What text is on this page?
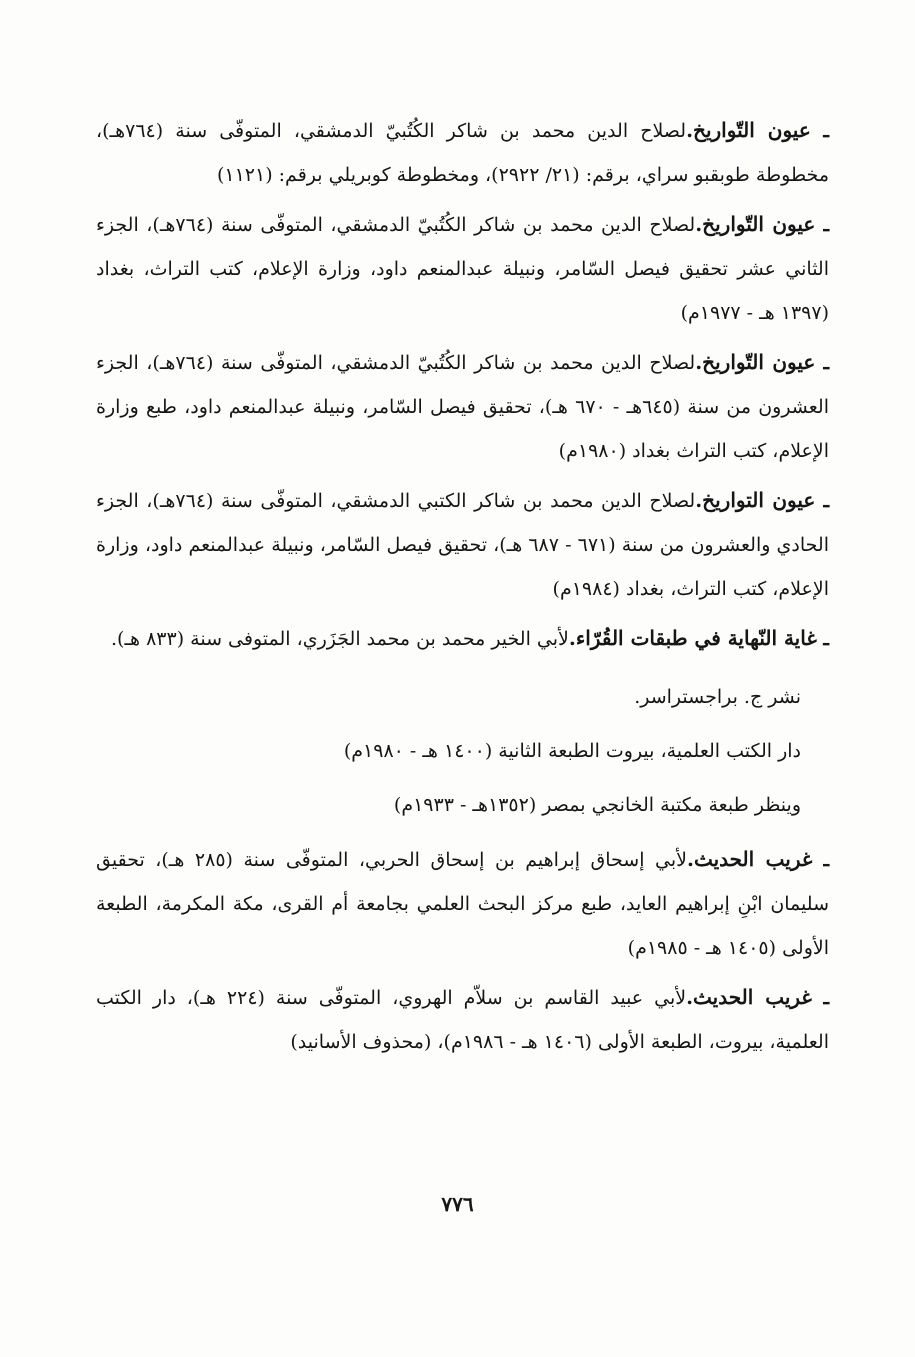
ـ عيون التّواريخ.لصلاح الدين محمد بن شاكر الكُتُبيّ الدمشقي، المتوفّى سنة (٧٦٤هـ)، مخطوطة طوبقبو سراي، برقم: (٢١/ ٢٩٢٢)، ومخطوطة كوبريلي برقم: (١١٢١)

ـ عيون التّواريخ.لصلاح الدين محمد بن شاكر الكُتُبيّ الدمشقي، المتوفّى سنة (٧٦٤هـ)، الجزء الثاني عشر تحقيق فيصل السّامر، ونبيلة عبدالمنعم داود، وزارة الإعلام، كتب التراث، بغداد (١٣٩٧ هـ - ١٩٧٧م)

ـ عيون التّواريخ.لصلاح الدين محمد بن شاكر الكُتُبيّ الدمشقي، المتوفّى سنة (٧٦٤هـ)، الجزء العشرون من سنة (٦٤٥هـ - ٦٧٠ هـ)، تحقيق فيصل السّامر، ونبيلة عبدالمنعم داود، طبع وزارة الإعلام، كتب التراث بغداد (١٩٨٠م)

ـ عيون التواريخ.لصلاح الدين محمد بن شاكر الكتبي الدمشقي، المتوفّى سنة (٧٦٤هـ)، الجزء الحادي والعشرون من سنة (٦٧١ - ٦٨٧ هـ)، تحقيق فيصل السّامر، ونبيلة عبدالمنعم داود، وزارة الإعلام، كتب التراث، بغداد (١٩٨٤م)

ـ غاية النّهاية في طبقات القُرّاء.لأبي الخير محمد بن محمد الجَزَري، المتوفى سنة (٨٣٣ هـ).

نشر ج. براجستراسر.

دار الكتب العلمية، بيروت الطبعة الثانية (١٤٠٠ هـ - ١٩٨٠م)

وينظر طبعة مكتبة الخانجي بمصر (١٣٥٢هـ - ١٩٣٣م)

ـ غريب الحديث.لأبي إسحاق إبراهيم بن إسحاق الحربي، المتوفّى سنة (٢٨٥ هـ)، تحقيق سليمان ابْنِ إبراهيم العايد، طبع مركز البحث العلمي بجامعة أم القرى، مكة المكرمة، الطبعة الأولى (١٤٠٥ هـ - ١٩٨٥م)

ـ غريب الحديث.لأبي عبيد القاسم بن سلاّم الهروي، المتوفّى سنة (٢٢٤ هـ)، دار الكتب العلمية، بيروت، الطبعة الأولى (١٤٠٦ هـ - ١٩٨٦م)، (محذوف الأسانيد)

٧٧٦
